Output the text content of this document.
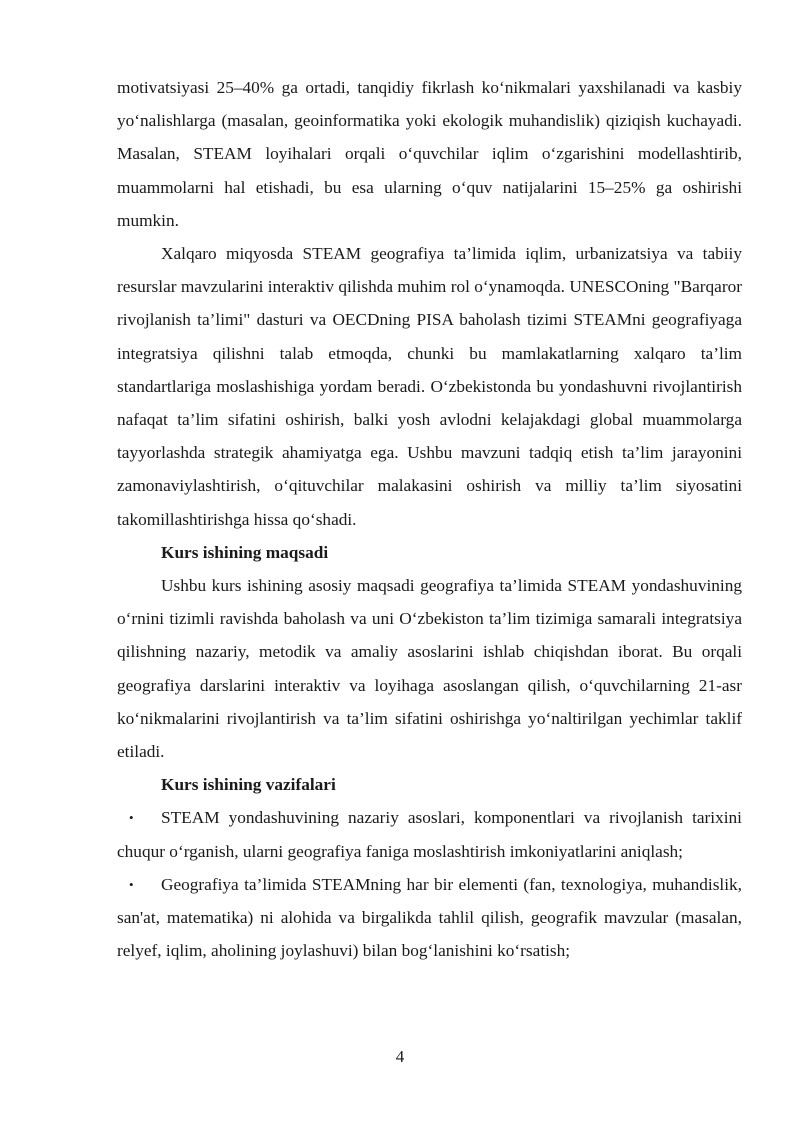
motivatsiyasi 25–40% ga ortadi, tanqidiy fikrlash ko‘nikmalari yaxshilanadi va kasbiy yo‘nalishlarga (masalan, geoinformatika yoki ekologik muhandislik) qiziqish kuchayadi. Masalan, STEAM loyihalari orqali o‘quvchilar iqlim o‘zgarishini modellashtirib, muammolarni hal etishadi, bu esa ularning o‘quv natijalarini 15–25% ga oshirishi mumkin.

Xalqaro miqyosda STEAM geografiya ta’limida iqlim, urbanizatsiya va tabiiy resurslar mavzularini interaktiv qilishda muhim rol o‘ynamoqda. UNESCOning "Barqaror rivojlanish ta’limi" dasturi va OECDning PISA baholash tizimi STEAMni geografiyaga integratsiya qilishni talab etmoqda, chunki bu mamlakatlarning xalqaro ta’lim standartlariga moslashishiga yordam beradi. O‘zbekistonda bu yondashuvni rivojlantirish nafaqat ta’lim sifatini oshirish, balki yosh avlodni kelajakdagi global muammolarga tayyorlashda strategik ahamiyatga ega. Ushbu mavzuni tadqiq etish ta’lim jarayonini zamonaviylashtirish, o‘qituvchilar malakasini oshirish va milliy ta’lim siyosatini takomillashtirishga hissa qo‘shadi.

Kurs ishining maqsadi

Ushbu kurs ishining asosiy maqsadi geografiya ta’limida STEAM yondashuvining o‘rnini tizimli ravishda baholash va uni O‘zbekiston ta’lim tizimiga samarali integratsiya qilishning nazariy, metodik va amaliy asoslarini ishlab chiqishdan iborat. Bu orqali geografiya darslarini interaktiv va loyihaga asoslangan qilish, o‘quvchilarning 21-asr ko‘nikmalarini rivojlantirish va ta’lim sifatini oshirishga yo‘naltirilgan yechimlar taklif etiladi.

Kurs ishining vazifalari

• STEAM yondashuvining nazariy asoslari, komponentlari va rivojlanish tarixini chuqur o‘rganish, ularni geografiya faniga moslashtirish imkoniyatlarini aniqlash;
• Geografiya ta’limida STEAMning har bir elementi (fan, texnologiya, muhandislik, san'at, matematika) ni alohida va birgalikda tahlil qilish, geografik mavzular (masalan, relyef, iqlim, aholining joylashuvi) bilan bog‘lanishini ko‘rsatish;
4
